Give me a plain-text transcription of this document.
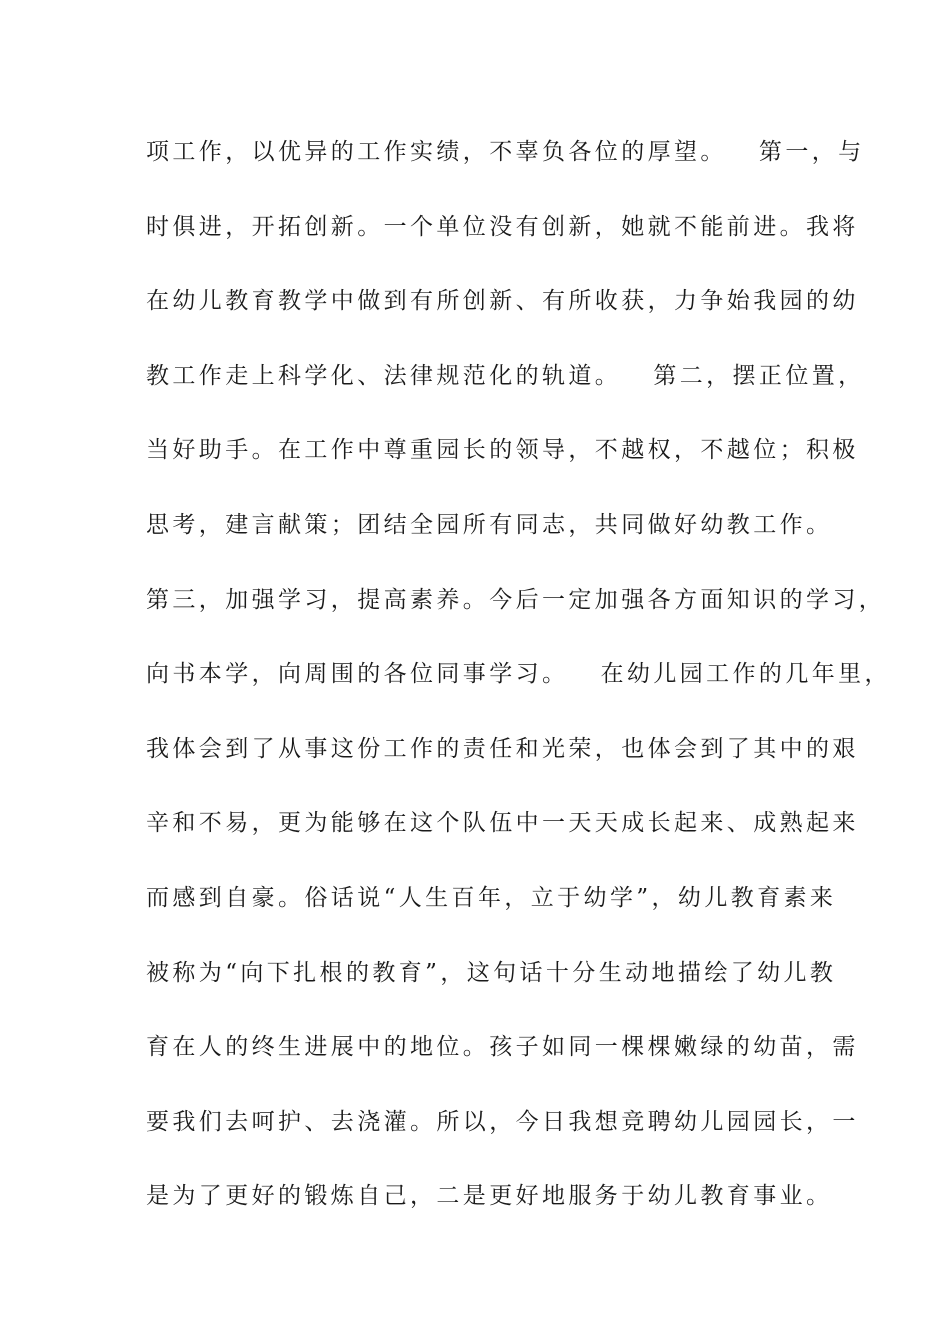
项工作，以优异的工作实绩，不辜负各位的厚望。   第一，与
时俱进，开拓创新。一个单位没有创新，她就不能前进。我将
在幼儿教育教学中做到有所创新、有所收获，力争始我园的幼
教工作走上科学化、法律规范化的轨道。   第二，摆正位置，
当好助手。在工作中尊重园长的领导，不越权，不越位；积极
思考，建言献策；团结全园所有同志，共同做好幼教工作。
第三，加强学习，提高素养。今后一定加强各方面知识的学习，
向书本学，向周围的各位同事学习。   在幼儿园工作的几年里，
我体会到了从事这份工作的责任和光荣，也体会到了其中的艰
辛和不易，更为能够在这个队伍中一天天成长起来、成熟起来
而感到自豪。俗话说“人生百年，立于幼学”，幼儿教育素来
被称为“向下扎根的教育”，这句话十分生动地描绘了幼儿教
育在人的终生进展中的地位。孩子如同一棵棵嫩绿的幼苗，需
要我们去呵护、去浇灌。所以，今日我想竞聘幼儿园园长，一
是为了更好的锻炼自己，二是更好地服务于幼儿教育事业。
